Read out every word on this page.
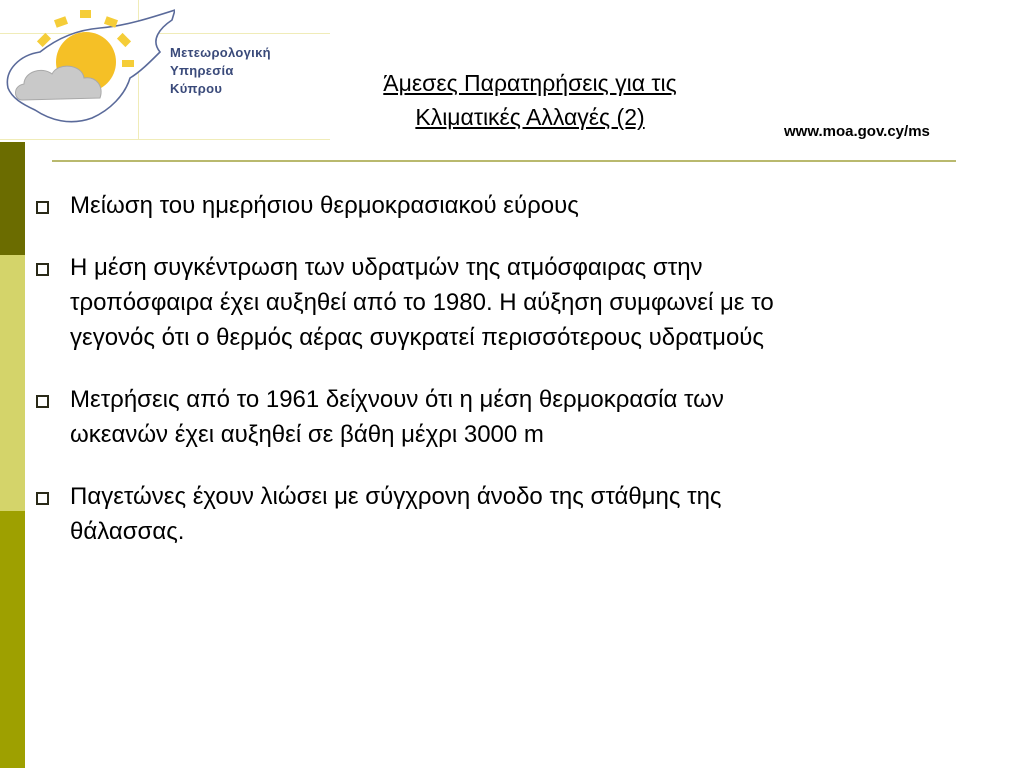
Μετεωρολογική
Υπηρεσία
Κύπρου	Άμεσες Παρατηρήσεις για τις
Κλιματικές Αλλαγές (2)
www.moa.gov.cy/ms
Μείωση του ημερήσιου θερμοκρασιακού εύρους
Η μέση συγκέντρωση των υδρατμών της ατμόσφαιρας στην
τροπόσφαιρα έχει αυξηθεί από το 1980. Η αύξηση συμφωνεί με το
γεγονός ότι ο θερμός αέρας συγκρατεί περισσότερους υδρατμούς
Μετρήσεις από το 1961 δείχνουν ότι η μέση θερμοκρασία των
ωκεανών έχει αυξηθεί σε βάθη μέχρι 3000 m
Παγετώνες έχουν λιώσει με σύγχρονη άνοδο της στάθμης της
θάλασσας.
